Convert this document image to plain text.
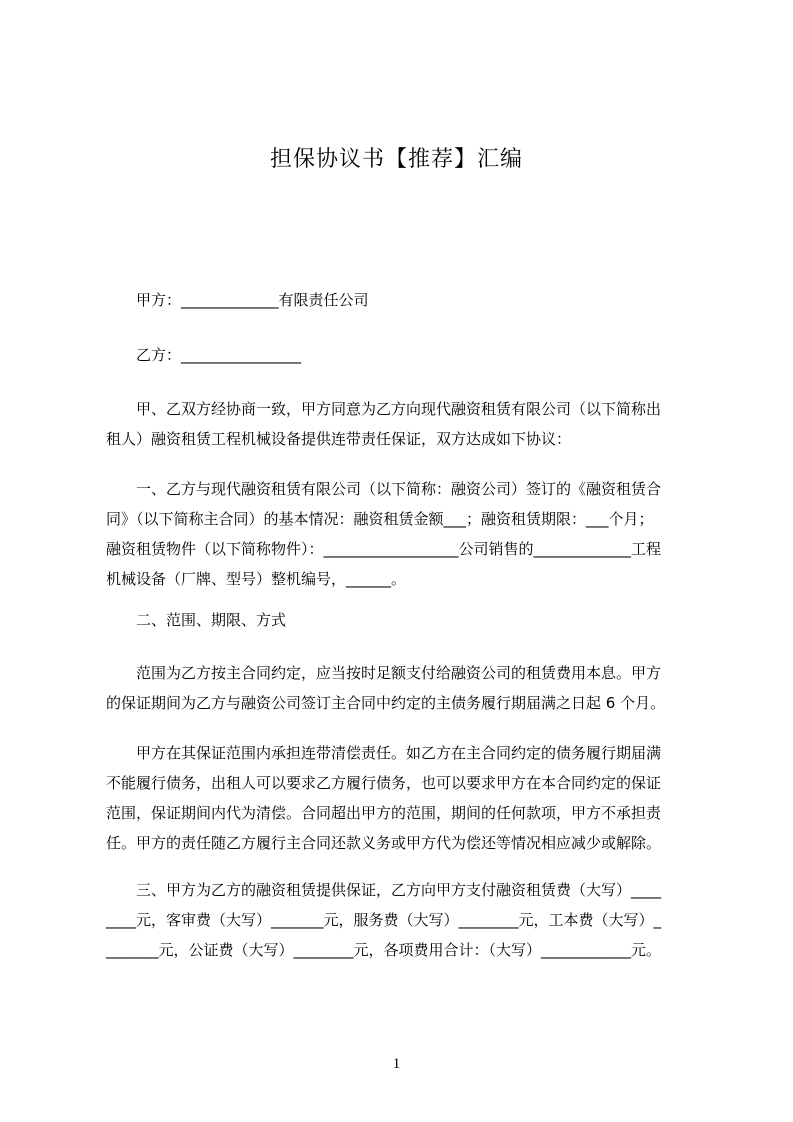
担保协议书【推荐】汇编

甲方：_____________有限责任公司

乙方：________________

甲、乙双方经协商一致，甲方同意为乙方向现代融资租赁有限公司（以下简称出
租人）融资租赁工程机械设备提供连带责任保证，双方达成如下协议：

一、乙方与现代融资租赁有限公司（以下简称：融资公司）签订的《融资租赁合
同》（以下简称主合同）的基本情况：融资租赁金额___；融资租赁期限：___个月；
融资租赁物件（以下简称物件）：__________________公司销售的_____________工程
机械设备（厂牌、型号）整机编号，______。

二、范围、期限、方式

范围为乙方按主合同约定，应当按时足额支付给融资公司的租赁费用本息。甲方
的保证期间为乙方与融资公司签订主合同中约定的主债务履行期届满之日起 6 个月。

甲方在其保证范围内承担连带清偿责任。如乙方在主合同约定的债务履行期届满
不能履行债务，出租人可以要求乙方履行债务，也可以要求甲方在本合同约定的保证
范围，保证期间内代为清偿。合同超出甲方的范围，期间的任何款项，甲方不承担责
任。甲方的责任随乙方履行主合同还款义务或甲方代为偿还等情况相应减少或解除。

三、甲方为乙方的融资租赁提供保证，乙方向甲方支付融资租赁费（大写）____
____元，客审费（大写）_______元，服务费（大写）________元，工本费（大写）_
_______元，公证费（大写）________元，各项费用合计：（大写）____________元。

1
